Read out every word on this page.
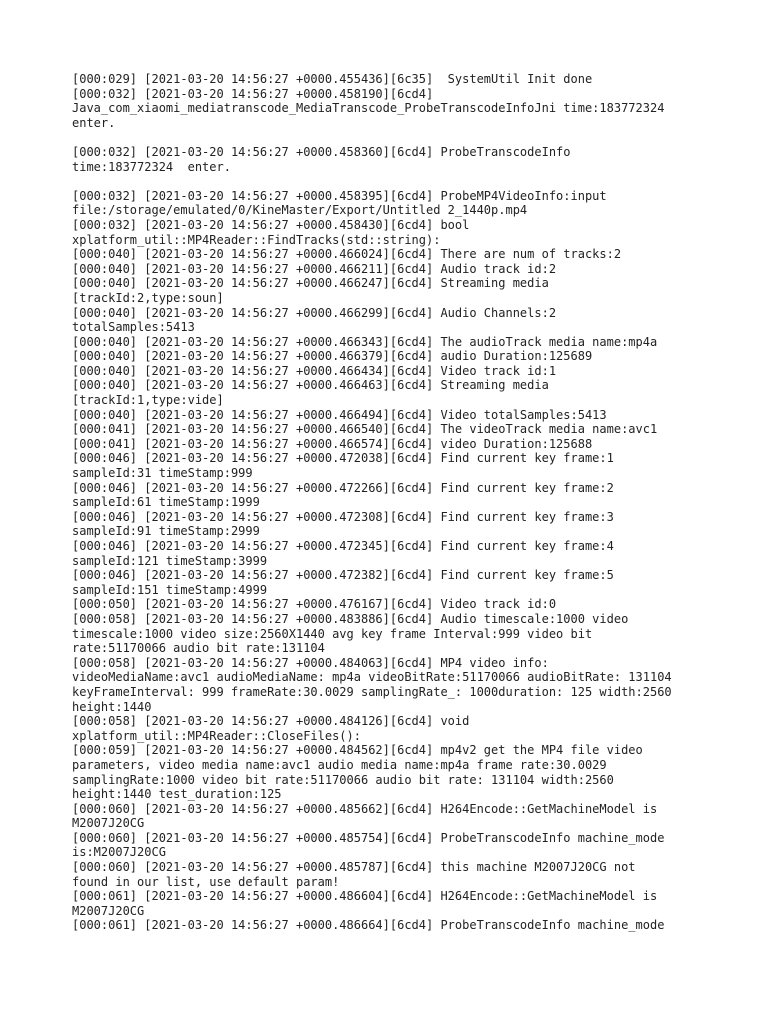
[000:029] [2021-03-20 14:56:27 +0000.455436][6c35]  SystemUtil Init done
[000:032] [2021-03-20 14:56:27 +0000.458190][6cd4]
Java_com_xiaomi_mediatranscode_MediaTranscode_ProbeTranscodeInfoJni time:183772324
enter.
[000:032] [2021-03-20 14:56:27 +0000.458360][6cd4] ProbeTranscodeInfo
time:183772324  enter.
[000:032] [2021-03-20 14:56:27 +0000.458395][6cd4] ProbeMP4VideoInfo:input
file:/storage/emulated/0/KineMaster/Export/Untitled 2_1440p.mp4
[000:032] [2021-03-20 14:56:27 +0000.458430][6cd4] bool
xplatform_util::MP4Reader::FindTracks(std::string):
[000:040] [2021-03-20 14:56:27 +0000.466024][6cd4] There are num of tracks:2
[000:040] [2021-03-20 14:56:27 +0000.466211][6cd4] Audio track id:2
[000:040] [2021-03-20 14:56:27 +0000.466247][6cd4] Streaming media
[trackId:2,type:soun]
[000:040] [2021-03-20 14:56:27 +0000.466299][6cd4] Audio Channels:2
totalSamples:5413
[000:040] [2021-03-20 14:56:27 +0000.466343][6cd4] The audioTrack media name:mp4a
[000:040] [2021-03-20 14:56:27 +0000.466379][6cd4] audio Duration:125689
[000:040] [2021-03-20 14:56:27 +0000.466434][6cd4] Video track id:1
[000:040] [2021-03-20 14:56:27 +0000.466463][6cd4] Streaming media
[trackId:1,type:vide]
[000:040] [2021-03-20 14:56:27 +0000.466494][6cd4] Video totalSamples:5413
[000:041] [2021-03-20 14:56:27 +0000.466540][6cd4] The videoTrack media name:avc1
[000:041] [2021-03-20 14:56:27 +0000.466574][6cd4] video Duration:125688
[000:046] [2021-03-20 14:56:27 +0000.472038][6cd4] Find current key frame:1
sampleId:31 timeStamp:999
[000:046] [2021-03-20 14:56:27 +0000.472266][6cd4] Find current key frame:2
sampleId:61 timeStamp:1999
[000:046] [2021-03-20 14:56:27 +0000.472308][6cd4] Find current key frame:3
sampleId:91 timeStamp:2999
[000:046] [2021-03-20 14:56:27 +0000.472345][6cd4] Find current key frame:4
sampleId:121 timeStamp:3999
[000:046] [2021-03-20 14:56:27 +0000.472382][6cd4] Find current key frame:5
sampleId:151 timeStamp:4999
[000:050] [2021-03-20 14:56:27 +0000.476167][6cd4] Video track id:0
[000:058] [2021-03-20 14:56:27 +0000.483886][6cd4] Audio timescale:1000 video
timescale:1000 video size:2560X1440 avg key frame Interval:999 video bit
rate:51170066 audio bit rate:131104
[000:058] [2021-03-20 14:56:27 +0000.484063][6cd4] MP4 video info:
videoMediaName:avc1 audioMediaName: mp4a videoBitRate:51170066 audioBitRate: 131104
keyFrameInterval: 999 frameRate:30.0029 samplingRate_: 1000duration: 125 width:2560
height:1440
[000:058] [2021-03-20 14:56:27 +0000.484126][6cd4] void
xplatform_util::MP4Reader::CloseFiles():
[000:059] [2021-03-20 14:56:27 +0000.484562][6cd4] mp4v2 get the MP4 file video
parameters, video media name:avc1 audio media name:mp4a frame rate:30.0029
samplingRate:1000 video bit rate:51170066 audio bit rate: 131104 width:2560
height:1440 test_duration:125
[000:060] [2021-03-20 14:56:27 +0000.485662][6cd4] H264Encode::GetMachineModel is
M2007J20CG
[000:060] [2021-03-20 14:56:27 +0000.485754][6cd4] ProbeTranscodeInfo machine_mode
is:M2007J20CG
[000:060] [2021-03-20 14:56:27 +0000.485787][6cd4] this machine M2007J20CG not
found in our list, use default param!
[000:061] [2021-03-20 14:56:27 +0000.486604][6cd4] H264Encode::GetMachineModel is
M2007J20CG
[000:061] [2021-03-20 14:56:27 +0000.486664][6cd4] ProbeTranscodeInfo machine_mode
